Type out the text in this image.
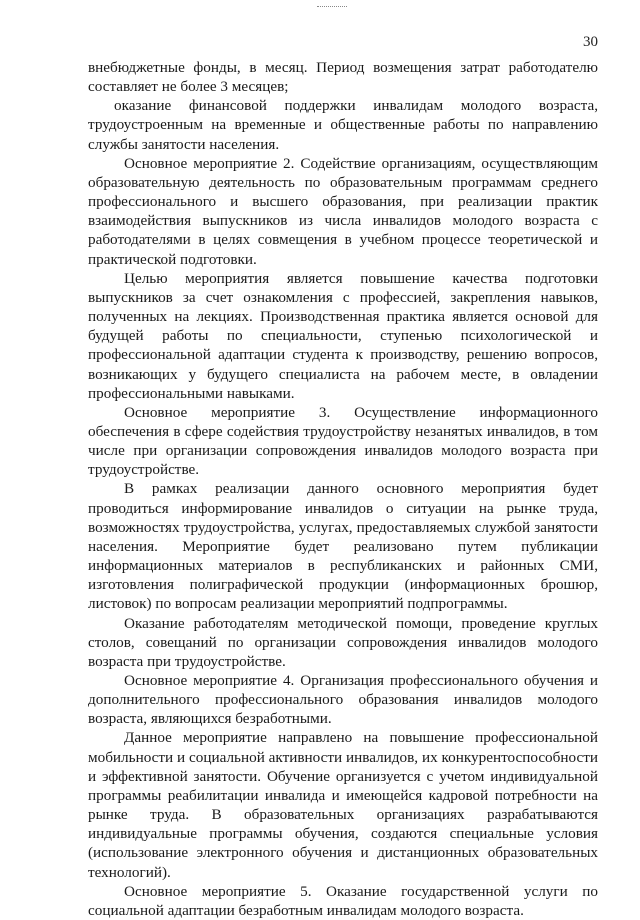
30

внебюджетные фонды, в месяц. Период возмещения затрат работодателю составляет не более 3 месяцев;

оказание финансовой поддержки инвалидам молодого возраста, трудоустроенным на временные и общественные работы по направлению службы занятости населения.

Основное мероприятие 2. Содействие организациям, осуществляющим образовательную деятельность по образовательным программам среднего профессионального и высшего образования, при реализации практик взаимодействия выпускников из числа инвалидов молодого возраста с работодателями в целях совмещения в учебном процессе теоретической и практической подготовки.

Целью мероприятия является повышение качества подготовки выпускников за счет ознакомления с профессией, закрепления навыков, полученных на лекциях. Производственная практика является основой для будущей работы по специальности, ступенью психологической и профессиональной адаптации студента к производству, решению вопросов, возникающих у будущего специалиста на рабочем месте, в овладении профессиональными навыками.

Основное мероприятие 3. Осуществление информационного обеспечения в сфере содействия трудоустройству незанятых инвалидов, в том числе при организации сопровождения инвалидов молодого возраста при трудоустройстве.

В рамках реализации данного основного мероприятия будет проводиться информирование инвалидов о ситуации на рынке труда, возможностях трудоустройства, услугах, предоставляемых службой занятости населения. Мероприятие будет реализовано путем публикации информационных материалов в республиканских и районных СМИ, изготовления полиграфической продукции (информационных брошюр, листовок) по вопросам реализации мероприятий подпрограммы.

Оказание работодателям методической помощи, проведение круглых столов, совещаний по организации сопровождения инвалидов молодого возраста при трудоустройстве.

Основное мероприятие 4. Организация профессионального обучения и дополнительного профессионального образования инвалидов молодого возраста, являющихся безработными.

Данное мероприятие направлено на повышение профессиональной мобильности и социальной активности инвалидов, их конкурентоспособности и эффективной занятости. Обучение организуется с учетом индивидуальной программы реабилитации инвалида и имеющейся кадровой потребности на рынке труда. В образовательных организациях разрабатываются индивидуальные программы обучения, создаются специальные условия (использование электронного обучения и дистанционных образовательных технологий).

Основное мероприятие 5. Оказание государственной услуги по социальной адаптации безработным инвалидам молодого возраста.
